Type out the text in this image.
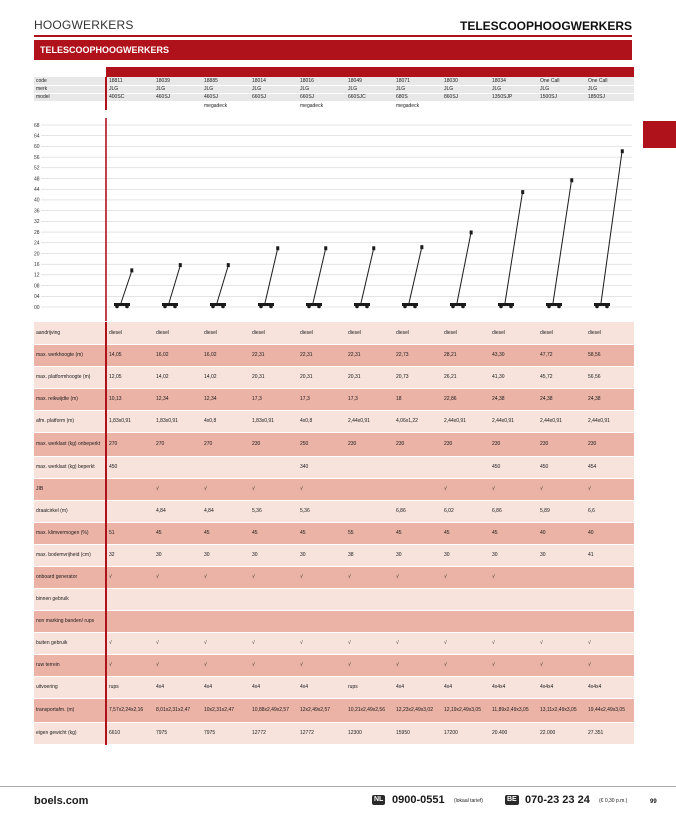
HOOGWERKERS	TELESCOOPHOOGWERKERS
TELESCOOPHOOGWERKERS

code	18811	18039	18885	18014	18016	18049	18071	18030	18034	One Call	One Call
merk	JLG	JLG	JLG	JLG	JLG	JLG	JLG	JLG	JLG	JLG	JLG
model	400SC	460SJ	460SJ	660SJ	660SJ	660SJC	680S	860SJ	1350SJP	1500SJ	1850SJ
			megadeck		megadeck		megadeck				
68
64
60
56
52
48
44
40
36
32
28
24
20
16
12
08
04
00
aandrijving	diesel	diesel	diesel	diesel	diesel	diesel	diesel	diesel	diesel	diesel	diesel
max. werkhoogte (m)	14,05	16,02	16,02	22,31	22,31	22,31	22,73	28,21	43,30	47,72	58,56
max. platformhoogte (m)	12,05	14,02	14,02	20,31	20,31	20,31	20,73	26,21	41,30	45,72	56,56
max. reikwijdte (m)	10,13	12,34	12,34	17,3	17,3	17,3	18	22,86	24,38	24,38	24,38
afm. platform (m)	1,83x0,91	1,83x0,91	4x0,8	1,83x0,91	4x0,8	2,44x0,91	4,06x1,22	2,44x0,91	2,44x0,91	2,44x0,91	2,44x0,91
max. werklast (kg) onbeperkt	270	270	270	230	250	230	230	230	230	230	230
max. werklast (kg) beperkt	450				340				450	450	454
JIB		√	√	√	√			√	√	√	√
draaicirkel (m)		4,84	4,84	5,36	5,36		6,86	6,02	6,86	5,89	6,6
max. klimvermogen (%)	51	45	45	45	45	55	45	45	45	40	40
max. bodemvrijheid (cm)	32	30	30	30	30	38	30	30	30	30	41
onboard generator	√	√	√	√	√	√	√	√	√		
binnen gebruik											
non marking banden/ rups											
buiten gebruik	√	√	√	√	√	√	√	√	√	√	√
ruw terrein	√	√	√	√	√	√	√	√	√	√	√
uitvoering	rups	4x4	4x4	4x4	4x4	rups	4x4	4x4	4x4x4	4x4x4	4x4x4
transportafm. (m)	7,57x2,24x2,16	8,01x2,31x2,47	10x2,31x2,47	10,88x2,49x2,57	12x2,49x2,57	10,21x2,49x2,56	12,23x2,49x3,02	12,19x2,49x3,05	11,89x2,49x3,05	13,11x2,49x3,05	19,44x2,49x3,05
eigen gewicht (kg)	6610	7975	7975	12772	12772	12300	15950	17200	20.400	22.000	27.351
boels.com	NL 0900-0551 (lokaal tarief)	BE 070-23 23 24 (€ 0,30 p.m.)	99
